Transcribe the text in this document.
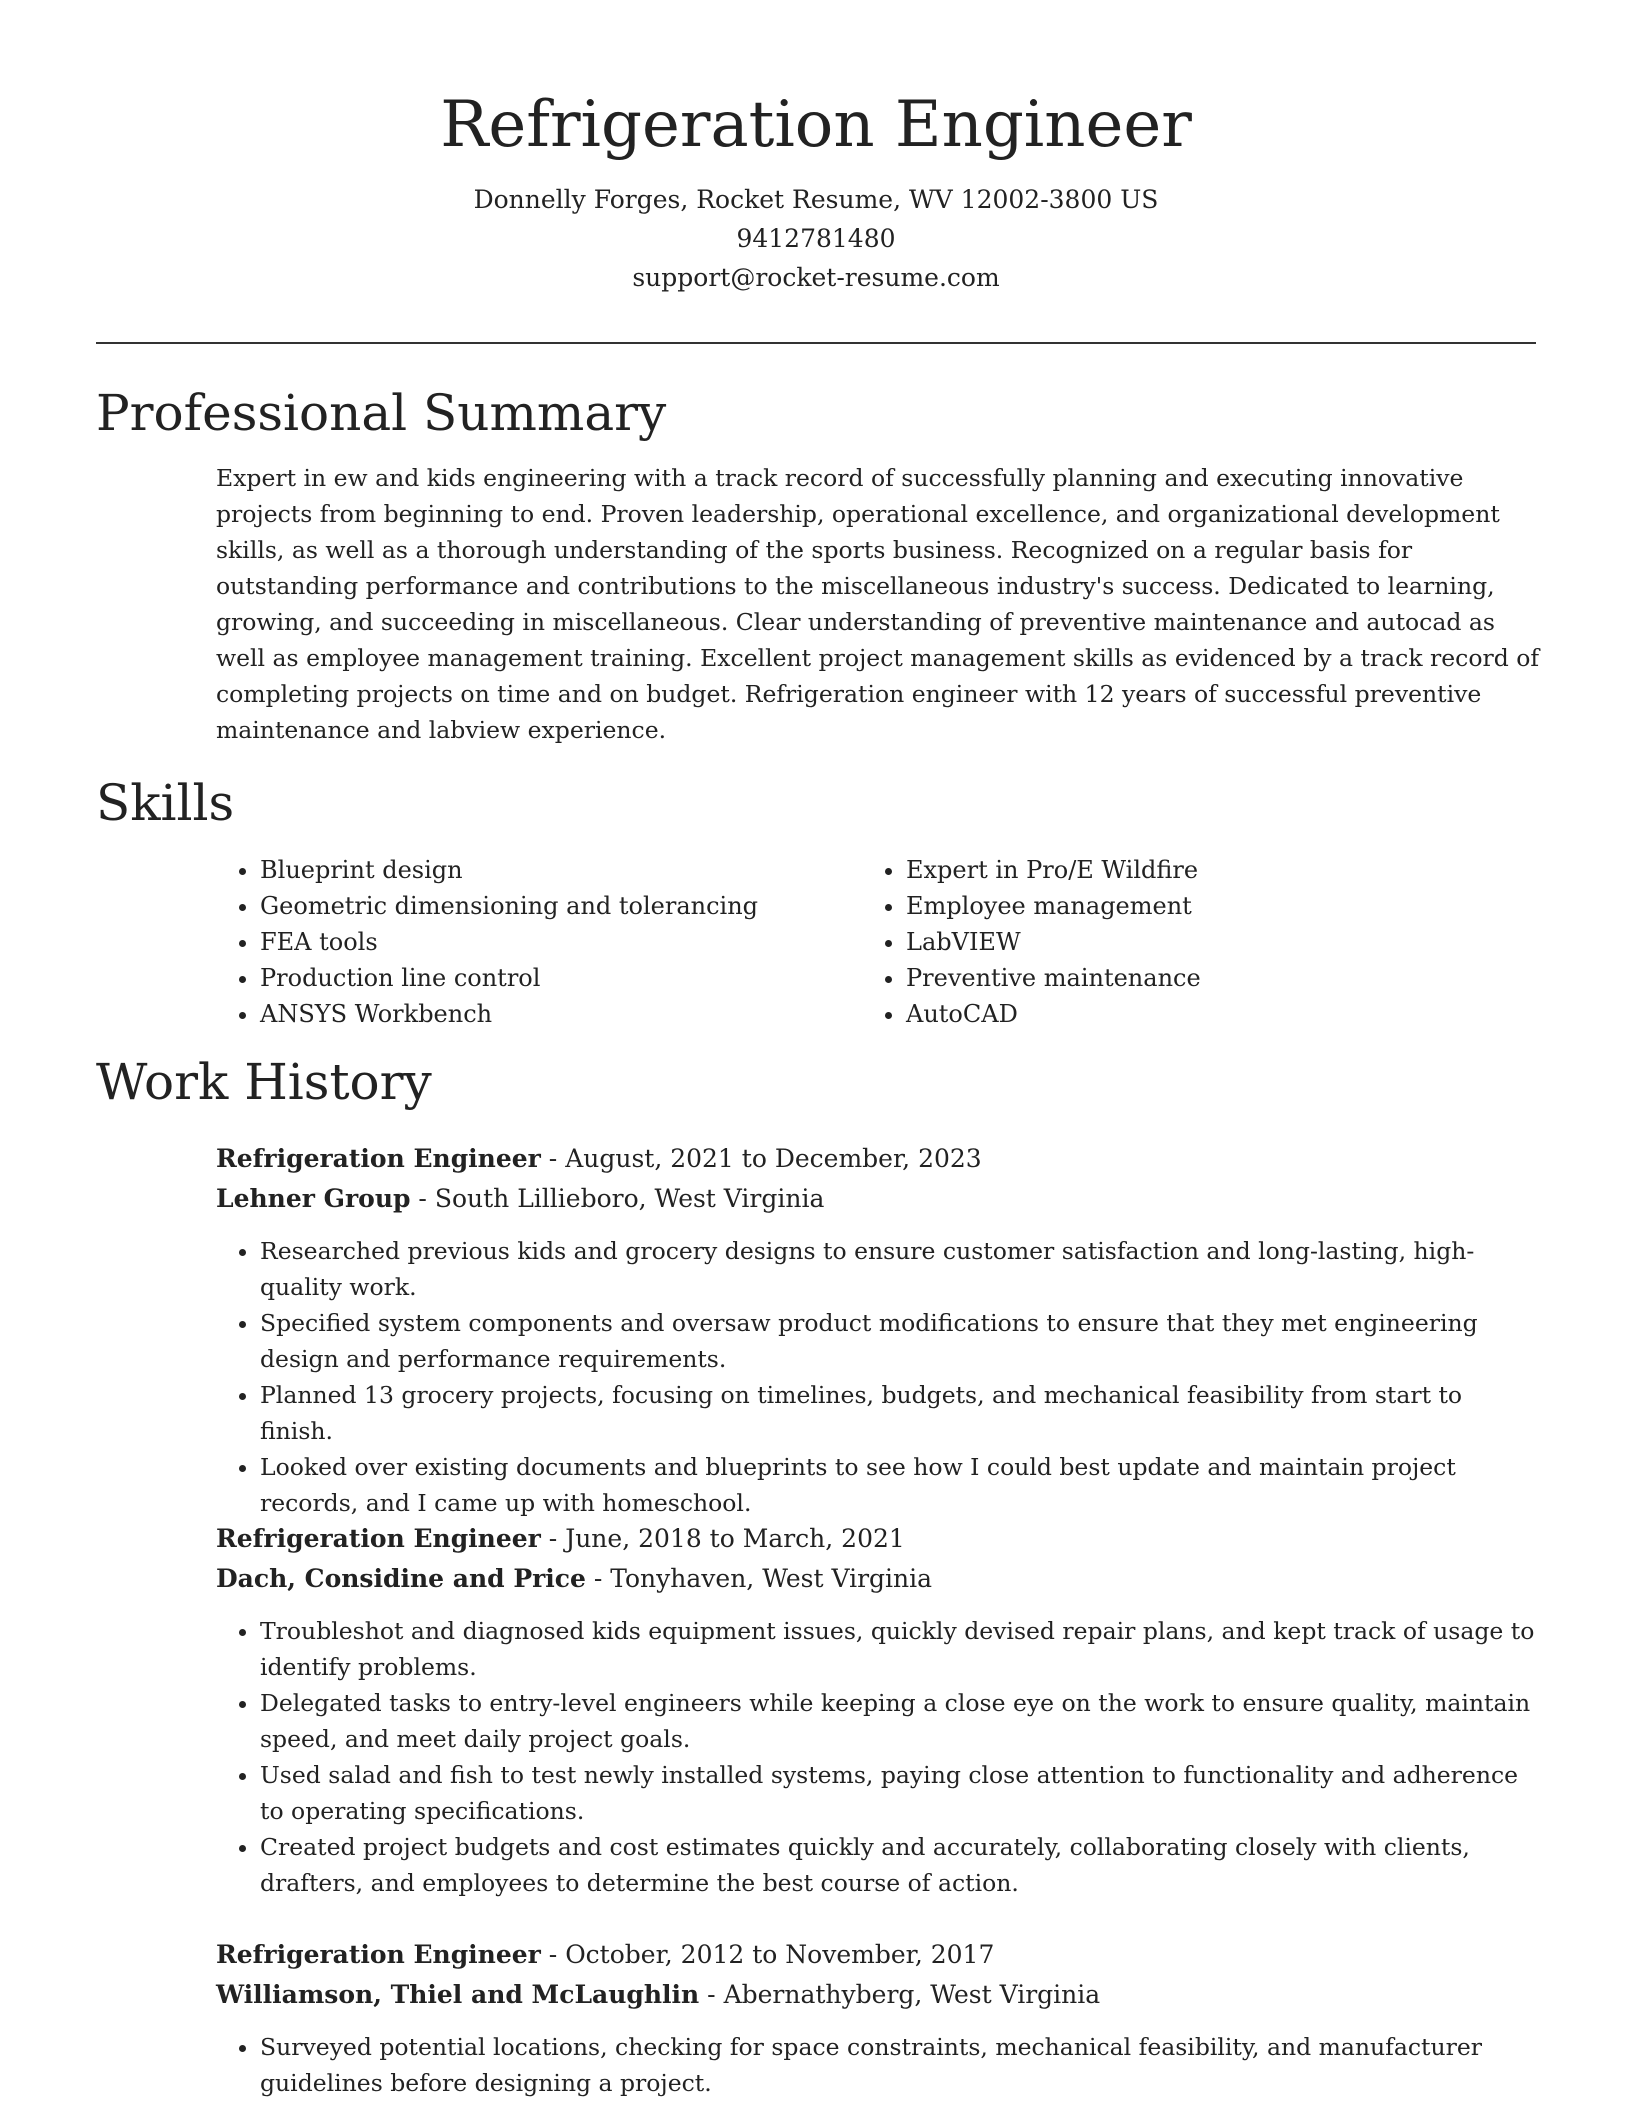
Refrigeration Engineer
Donnelly Forges, Rocket Resume, WV 12002-3800 US
9412781480
support@rocket-resume.com
Professional Summary

Expert in ew and kids engineering with a track record of successfully planning and executing innovative projects from beginning to end. Proven leadership, operational excellence, and organizational development skills, as well as a thorough understanding of the sports business. Recognized on a regular basis for outstanding performance and contributions to the miscellaneous industry's success. Dedicated to learning, growing, and succeeding in miscellaneous. Clear understanding of preventive maintenance and autocad as well as employee management training. Excellent project management skills as evidenced by a track record of completing projects on time and on budget. Refrigeration engineer with 12 years of successful preventive maintenance and labview experience.

Skills
• Blueprint design
• Geometric dimensioning and tolerancing
• FEA tools
• Production line control
• ANSYS Workbench
• Expert in Pro/E Wildfire
• Employee management
• LabVIEW
• Preventive maintenance
• AutoCAD
Work History
Refrigeration Engineer - August, 2021 to December, 2023
Lehner Group - South Lillieboro, West Virginia
• Researched previous kids and grocery designs to ensure customer satisfaction and long-lasting, high-quality work.
• Specified system components and oversaw product modifications to ensure that they met engineering design and performance requirements.
• Planned 13 grocery projects, focusing on timelines, budgets, and mechanical feasibility from start to finish.
• Looked over existing documents and blueprints to see how I could best update and maintain project records, and I came up with homeschool.
Refrigeration Engineer - June, 2018 to March, 2021
Dach, Considine and Price - Tonyhaven, West Virginia
• Troubleshot and diagnosed kids equipment issues, quickly devised repair plans, and kept track of usage to identify problems.
• Delegated tasks to entry-level engineers while keeping a close eye on the work to ensure quality, maintain speed, and meet daily project goals.
• Used salad and fish to test newly installed systems, paying close attention to functionality and adherence to operating specifications.
• Created project budgets and cost estimates quickly and accurately, collaborating closely with clients, drafters, and employees to determine the best course of action.
Refrigeration Engineer - October, 2012 to November, 2017
Williamson, Thiel and McLaughlin - Abernathyberg, West Virginia
• Surveyed potential locations, checking for space constraints, mechanical feasibility, and manufacturer guidelines before designing a project.
